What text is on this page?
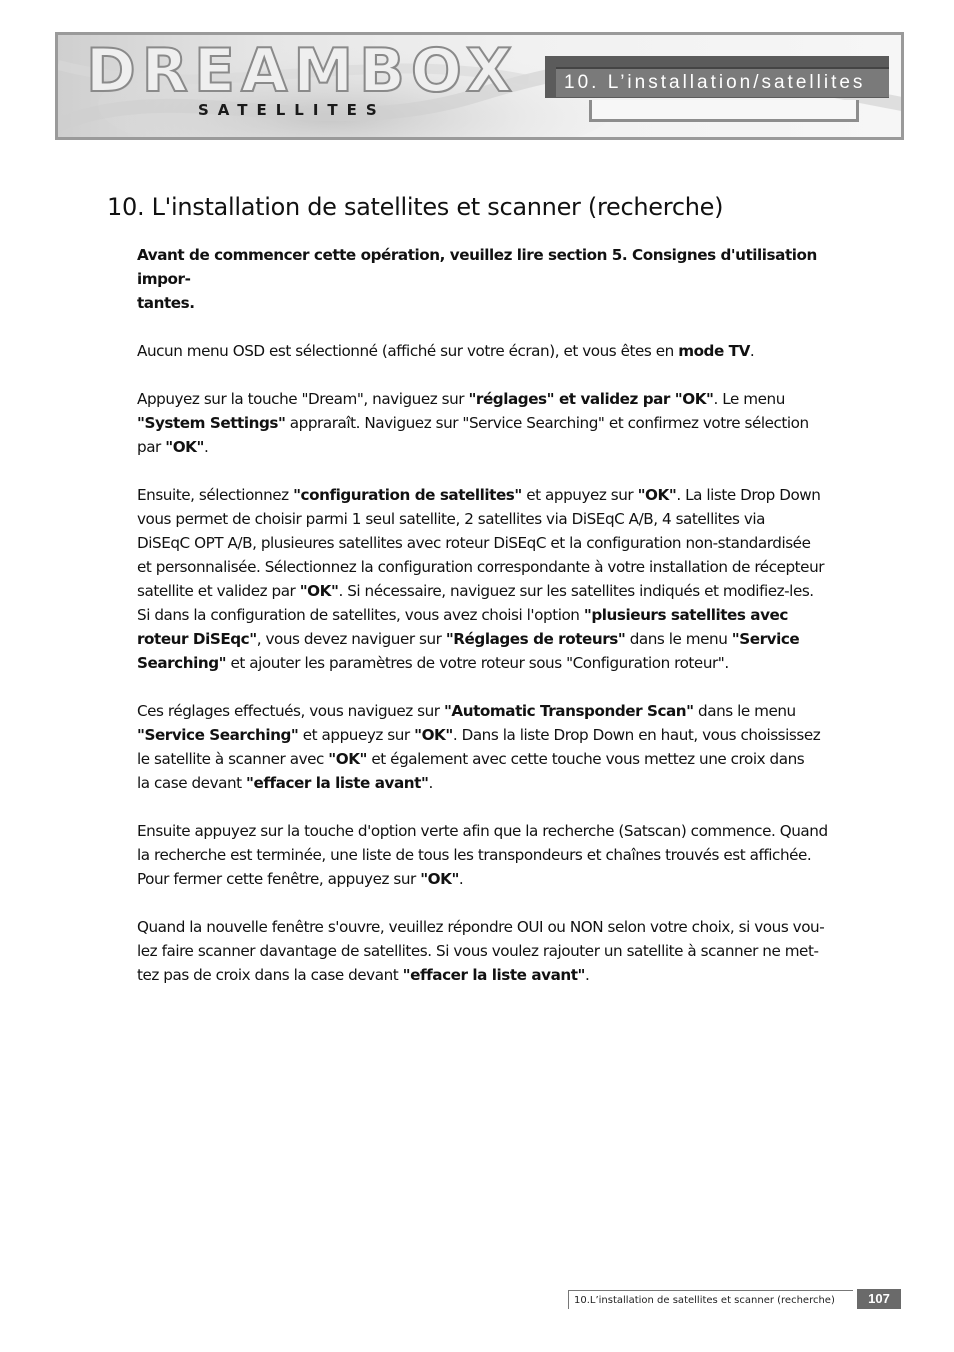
DREAMBOX
SATELLITES
10. L’installation/satellites
10. L'installation de satellites et scanner (recherche)

Avant de commencer cette opération, veuillez lire section 5. Consignes d'utilisation impor-
tantes.

Aucun menu OSD est sélectionné (affiché sur votre écran), et vous êtes en mode TV.

Appuyez sur la touche "Dream", naviguez sur "réglages" et validez par "OK". Le menu
"System Settings" appraraît. Naviguez sur "Service Searching" et confirmez votre sélection
par "OK".

Ensuite, sélectionnez "configuration de satellites" et appuyez sur "OK". La liste Drop Down
vous permet de choisir parmi 1 seul satellite, 2 satellites via DiSEqC A/B, 4 satellites via
DiSEqC OPT A/B, plusieures satellites avec roteur DiSEqC et la configuration non-standardisée
et personnalisée. Sélectionnez la configuration correspondante à votre installation de récepteur
satellite et validez par "OK". Si nécessaire, naviguez sur les satellites indiqués et modifiez-les.
Si dans la configuration de satellites, vous avez choisi l'option "plusieurs satellites avec
roteur DiSEqc", vous devez naviguer sur "Réglages de roteurs" dans le menu "Service
Searching" et ajouter les paramètres de votre roteur sous "Configuration roteur".

Ces réglages effectués, vous naviguez sur "Automatic Transponder Scan" dans le menu
"Service Searching" et appueyz sur "OK". Dans la liste Drop Down en haut, vous choississez
le satellite à scanner avec "OK" et également avec cette touche vous mettez une croix dans
la case devant "effacer la liste avant".

Ensuite appuyez sur la touche d'option verte afin que la recherche (Satscan) commence. Quand
la recherche est terminée, une liste de tous les transpondeurs et chaînes trouvés est affichée.
Pour fermer cette fenêtre, appuyez sur "OK".

Quand la nouvelle fenêtre s'ouvre, veuillez répondre OUI ou NON selon votre choix, si vous vou-
lez faire scanner davantage de satellites. Si vous voulez rajouter un satellite à scanner ne met-
tez pas de croix dans la case devant "effacer la liste avant".

10.L’installation de satellites et scanner (recherche)	107
